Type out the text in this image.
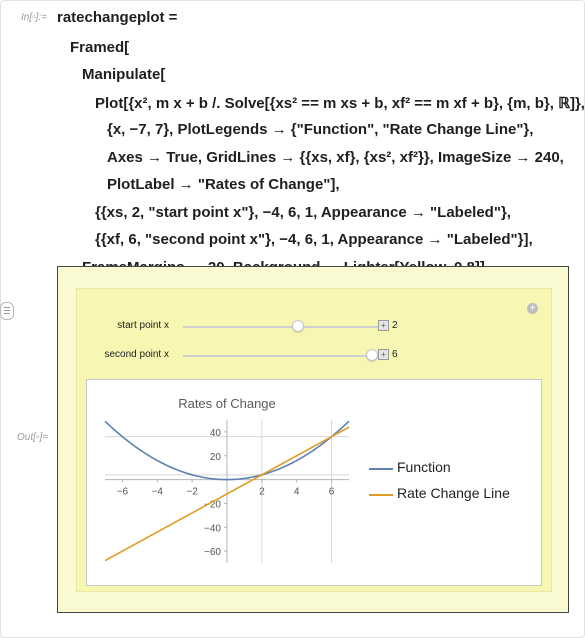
In[▫]:= ratechangeplot =
Framed[
Manipulate[
Plot[{x², m x + b /. Solve[{xs² == m xs + b, xf² == m xf + b}, {m, b}, ℝ]},
{x, −7, 7}, PlotLegends → {"Function", "Rate Change Line"},
Axes → True, GridLines → {{xs, xf}, {xs², xf²}}, ImageSize → 240,
PlotLabel → "Rates of Change"],
{{xs, 2, "start point x"}, −4, 6, 1, Appearance → "Labeled"},
{{xf, 6, "second point x"}, −4, 6, 1, Appearance → "Labeled"}],
Out[▫]=
+
start point x	+ 2
second point x	+ 6
Rates of Change
−6 −4 −2	2	4	6
40
20
−20
−40
−60
Function
Rate Change Line
